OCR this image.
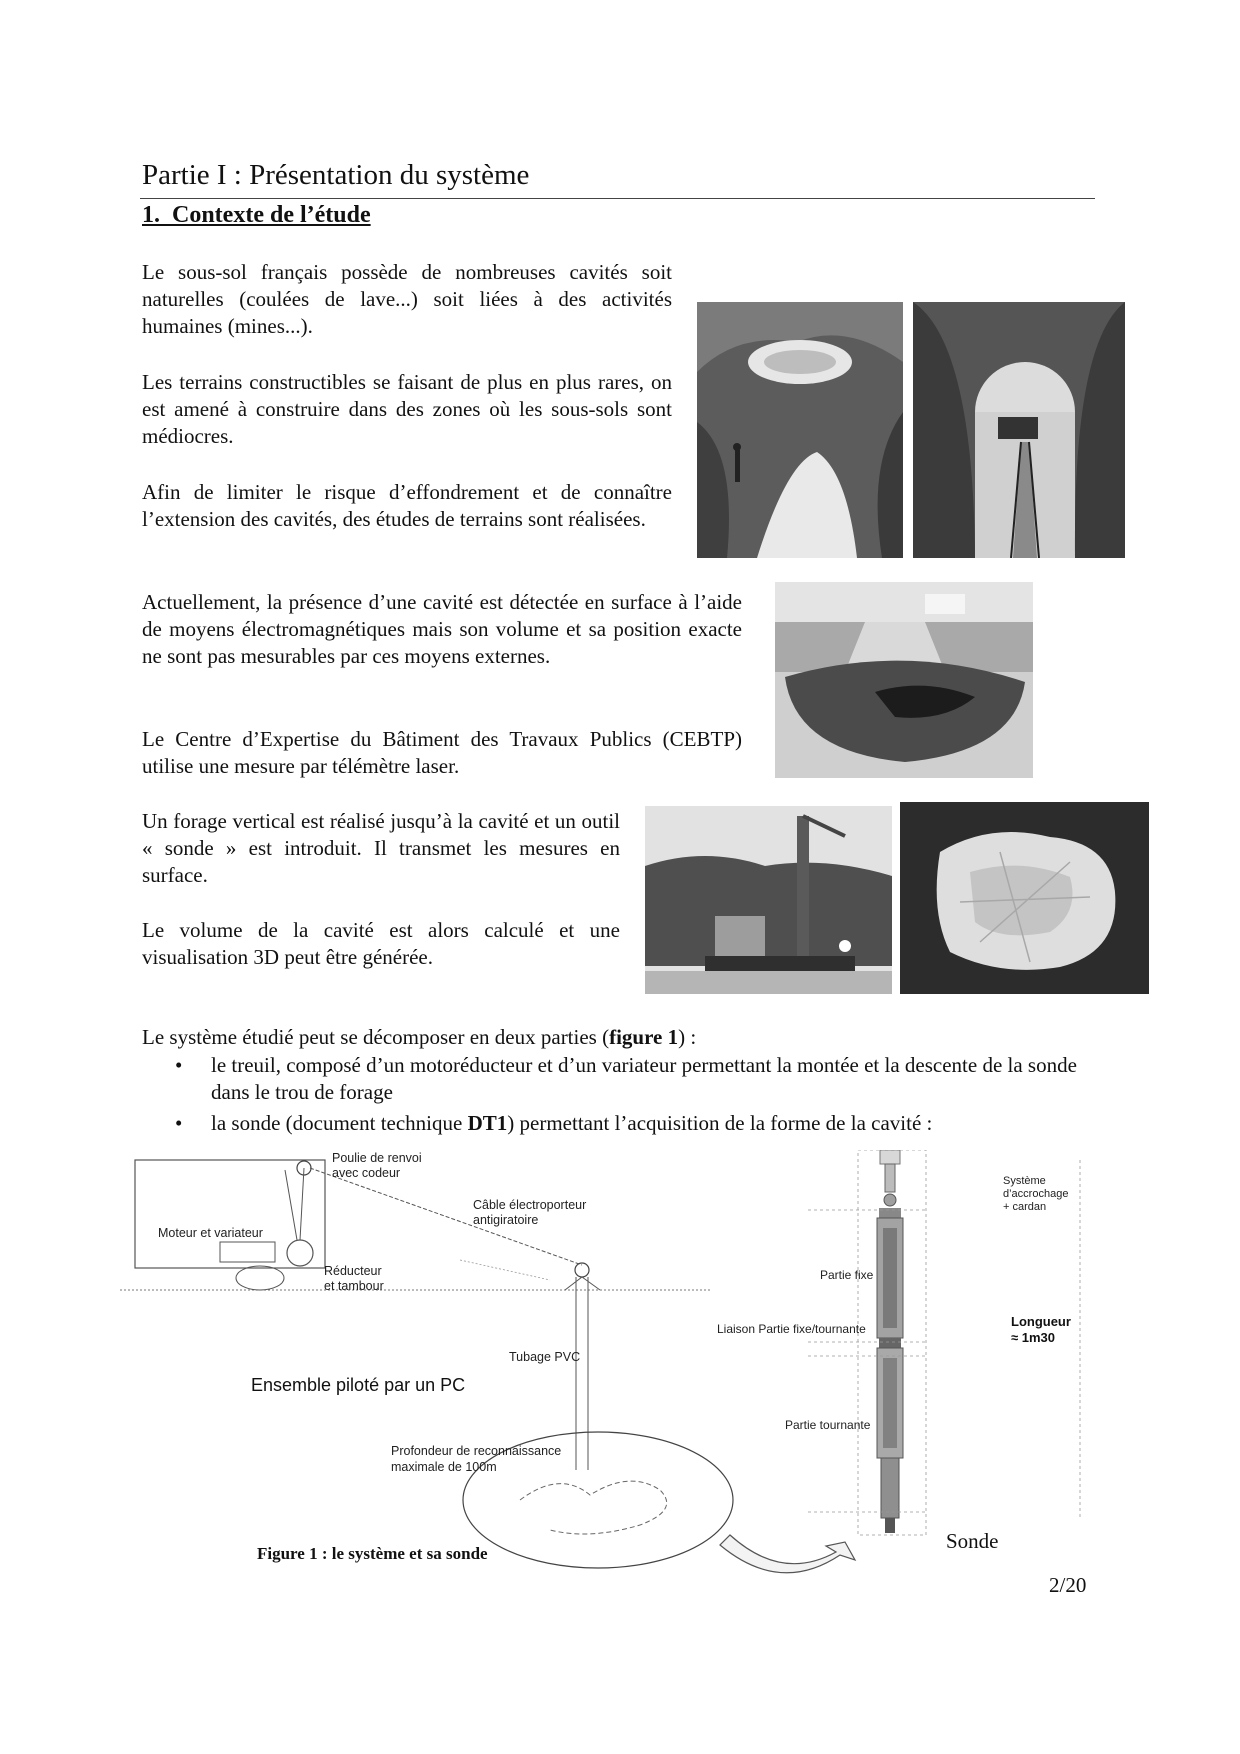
Partie I : Présentation du système
1.  Contexte de l’étude
Le sous-sol français possède de nombreuses cavités soit naturelles (coulées de lave...) soit liées à des activités humaines (mines...).
Les terrains constructibles se faisant de plus en plus rares, on est amené à construire dans des zones où les sous-sols sont médiocres.
Afin de limiter le risque d’effondrement et de connaître l’extension des cavités, des études de terrains sont réalisées.
Actuellement, la présence d’une cavité est détectée en surface à l’aide de moyens électromagnétiques mais son volume et sa position exacte ne sont pas mesurables par ces moyens externes.
Le Centre d’Expertise du Bâtiment des Travaux Publics (CEBTP) utilise une mesure par télémètre laser.
Un forage vertical est réalisé jusqu’à la cavité et un outil « sonde » est introduit. Il transmet les mesures en surface.
Le volume de la cavité est alors calculé et une visualisation 3D peut être générée.
Le système étudié peut se décomposer en deux parties (figure 1) :
•	le treuil, composé d’un motoréducteur et d’un variateur permettant la montée et la descente de la sonde dans le trou de forage
•	la sonde (document technique DT1) permettant l’acquisition de la forme de la cavité :
Poulie de renvoi
avec codeur
Câble électroporteur
antigiratoire
Moteur et variateur
Réducteur
et tambour
Tubage PVC
Ensemble piloté par un PC
Profondeur de reconnaissance
maximale de 100m
Figure 1 : le système et sa sonde
Système
d’accrochage
+ cardan
Partie fixe
Liaison Partie fixe/tournante	Longueur
≈ 1m30
Partie tournante
Sonde
2/20
